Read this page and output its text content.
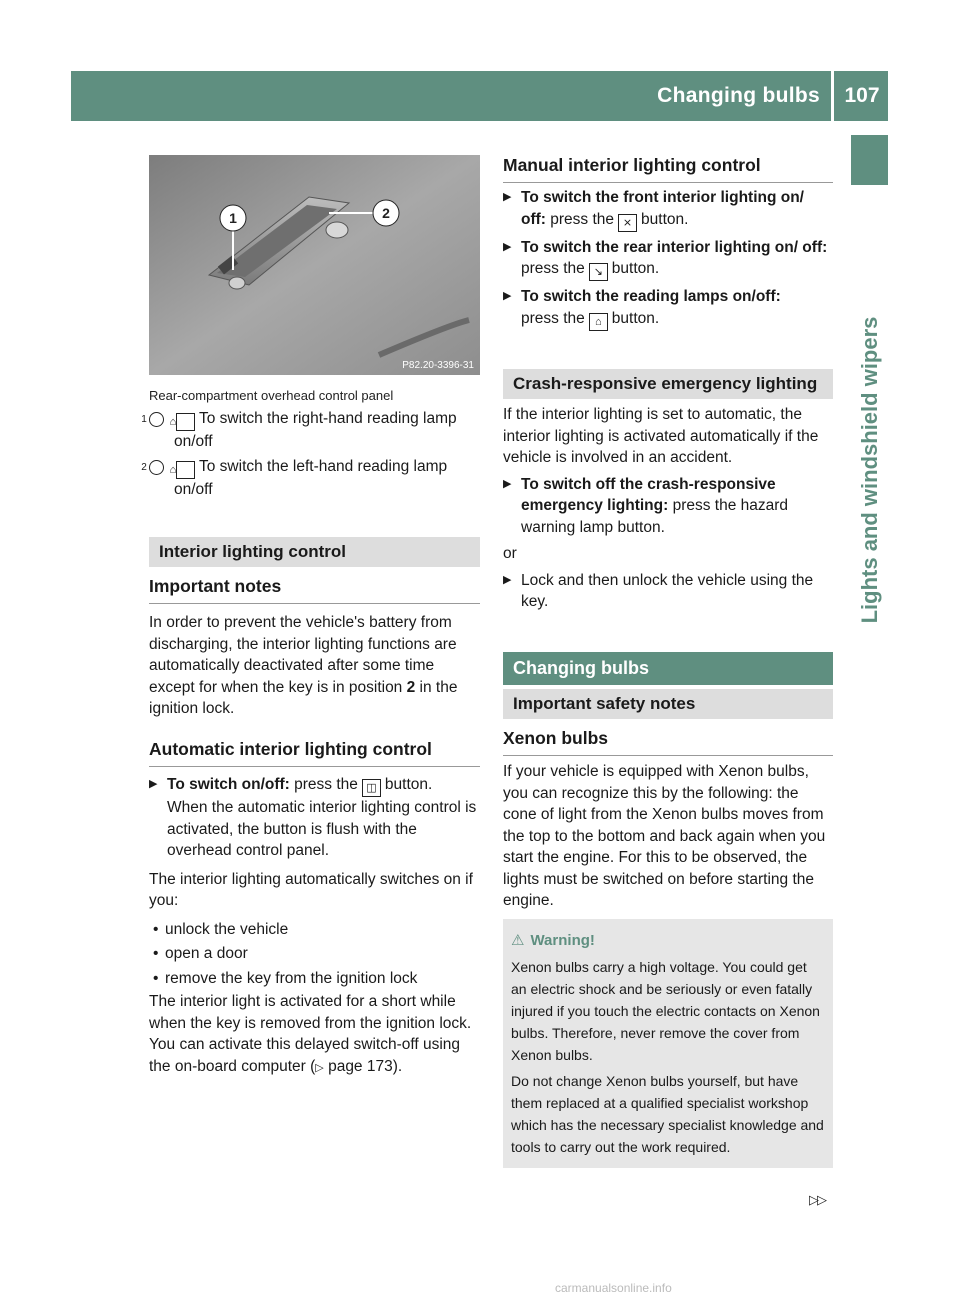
Changing bulbs	107
Lights and windshield wipers
1	2
P82.20-3396-31
Rear-compartment overhead control panel

1 ⌂ To switch the right-hand reading lamp on/off

2 ⌂ To switch the left-hand reading lamp on/off

Interior lighting control
Important notes

In order to prevent the vehicle's battery from discharging, the interior lighting functions are automatically deactivated after some time except for when the key is in position 2 in the ignition lock.

Automatic interior lighting control

▶ To switch on/off: press the ◫ button.
When the automatic interior lighting control is activated, the button is flush with the overhead control panel.

The interior lighting automatically switches on if you:

• unlock the vehicle

• open a door

• remove the key from the ignition lock

The interior light is activated for a short while when the key is removed from the ignition lock. You can activate this delayed switch-off using the on-board computer (▷ page 173).

Manual interior lighting control

▶ To switch the front interior lighting on/ off: press the ⨯ button.

▶ To switch the rear interior lighting on/ off: press the ↘ button.

▶ To switch the reading lamps on/off:
press the ⌂ button.

Crash-responsive emergency lighting

If the interior lighting is set to automatic, the interior lighting is activated automatically if the vehicle is involved in an accident.

▶ To switch off the crash-responsive emergency lighting: press the hazard warning lamp button.

or

▶ Lock and then unlock the vehicle using the key.

Changing bulbs
Important safety notes
Xenon bulbs
If your vehicle is equipped with Xenon bulbs, you can recognize this by the following: the cone of light from the Xenon bulbs moves from the top to the bottom and back again when you start the engine. For this to be observed, the lights must be switched on before starting the engine.

⚠ Warning!

Xenon bulbs carry a high voltage. You could get an electric shock and be seriously or even fatally injured if you touch the electric contacts on Xenon bulbs. Therefore, never remove the cover from Xenon bulbs.

Do not change Xenon bulbs yourself, but have them replaced at a qualified specialist workshop which has the necessary specialist knowledge and tools to carry out the work required.

▷▷
carmanualsonline.info
